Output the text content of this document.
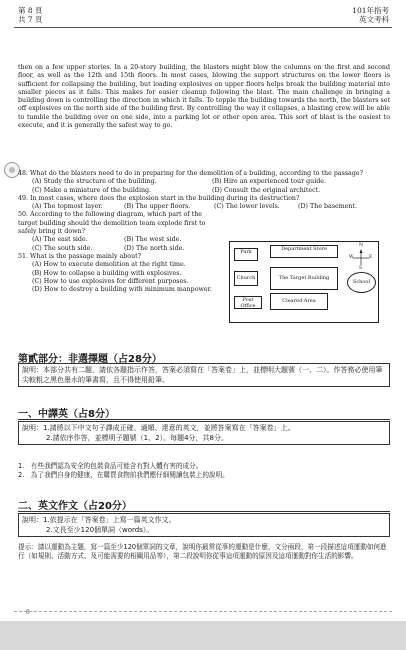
第 8 頁
共 7 頁
101年指考
英文考科
then on a few upper stories. In a 20-story building, the blasters might blow the columns on the first and second floor, as well as the 12th and 15th floors. In most cases, blowing the support structures on the lower floors is sufficient for collapsing the building, but loading explosives on upper floors helps break the building material into smaller pieces as it falls. This makes for easier cleanup following the blast. The main challenge in bringing a building down is controlling the direction in which it falls. To topple the building towards the north, the blasters set off explosives on the north side of the building first. By controlling the way it collapses, a blasting crew will be able to tumble the building over on one side, into a parking lot or other open area. This sort of blast is the easiest to execute, and it is generally the safest way to go.
48. What do the blasters need to do in preparing for the demolition of a building, according to the passage?
(A) Study the structure of the building.	(B) Hire an experienced tour guide.
(C) Make a miniature of the building.	(D) Consult the original architect.
49. In most cases, where does the explosion start in the building during its destruction?
(A) The topmost layer.	(B) The upper floors.	(C) The lower levels.	(D) The basement.
50. According to the following diagram, which part of the target building should the demolition team explode first to safely bring it down?
(A) The east side.	(B) The west side.
(C) The south side.	(D) The north side.
51. What is the passage mainly about?
(A) How to execute demolition at the right time.
(B) How to collapse a building with explosives.
(C) How to use explosives for different purposes.
(D) How to destroy a building with minimum manpower.
Park	Department Store
Church	The Target Building
School
Post Office
Cleared Area
N
S
W	E
第貳部分：非選擇題（占28分）
說明：本部分共有二題，請依各題指示作答，答案必須寫在「答案卷」上，並標明大題號（一、二）。作答務必使用筆尖較粗之黑色墨水的筆書寫，且不得使用鉛筆。
一、中譯英（占8分）
說明：1.請將以下中文句子譯成正確、通順、達意的英文，並將答案寫在「答案卷」上。
2.請依序作答，並標明子題號（1、2）。每題4分，共8分。
1.　有些我們認為安全的包裝食品可能含有對人體有害的成分。
2.　為了我們自身的健康，在購買食物前我們應仔細閱讀包裝上的說明。
二、英文作文（占20分）
說明：1.依提示在「答案卷」上寫一篇英文作文。
2.文長至少120個單詞（words）。
提示：請以運動為主題，寫一篇至少120個單詞的文章，說明你最常從事的運動是什麼，文分兩段，第一段描述這項運動如何進行（如規則、活動方式、及可能需要的相關用品等），第二段說明你從事這項運動的原因及這項運動對你生活的影響。
－ 8 －
